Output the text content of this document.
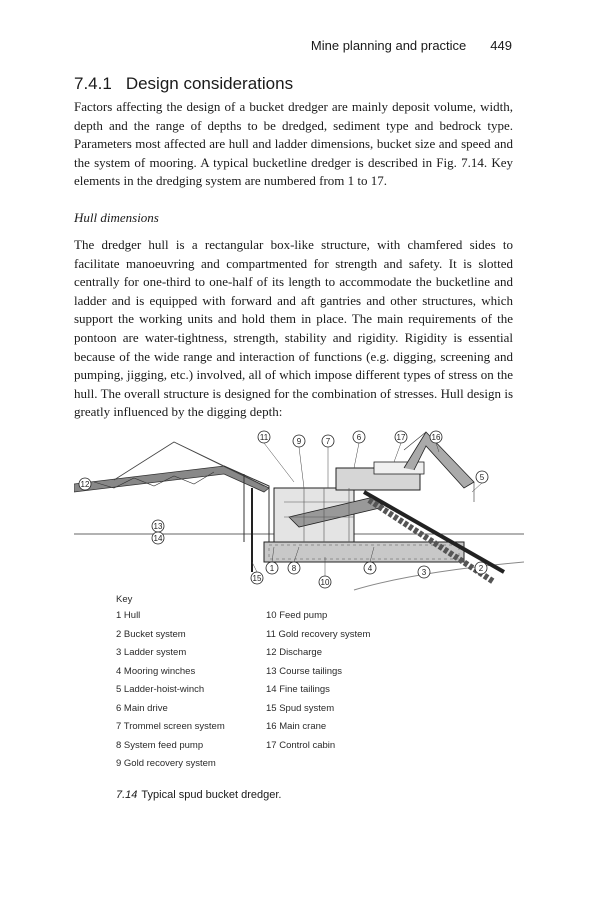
Mine planning and practice 449
7.4.1 Design considerations

Factors affecting the design of a bucket dredger are mainly deposit volume, width, depth and the range of depths to be dredged, sediment type and bedrock type. Parameters most affected are hull and ladder dimensions, bucket size and speed and the system of mooring. A typical bucketline dredger is described in Fig. 7.14. Key elements in the dredging system are numbered from 1 to 17.

Hull dimensions

The dredger hull is a rectangular box-like structure, with chamfered sides to facilitate manoeuvring and compartmented for strength and safety. It is slotted centrally for one-third to one-half of its length to accommodate the bucketline and ladder and is equipped with forward and aft gantries and other structures, which support the working units and hold them in place. The main requirements of the pontoon are water-tightness, strength, stability and rigidity. Rigidity is essential because of the wide range and interaction of functions (e.g. digging, screening and pumping, jigging, etc.) involved, all of which impose different types of stress on the hull. The overall structure is designed for the combination of stresses. Hull design is greatly influenced by the digging depth:

11	9	7	6	17	16
5
12
13
14
1 8	4	3	2
15	10
Key
1 Hull
2 Bucket system
3 Ladder system
4 Mooring winches
5 Ladder-hoist-winch
6 Main drive
7 Trommel screen system
8 System feed pump
9 Gold recovery system
10 Feed pump
11 Gold recovery system
12 Discharge
13 Course tailings
14 Fine tailings
15 Spud system
16 Main crane
17 Control cabin
7.14 Typical spud bucket dredger.
